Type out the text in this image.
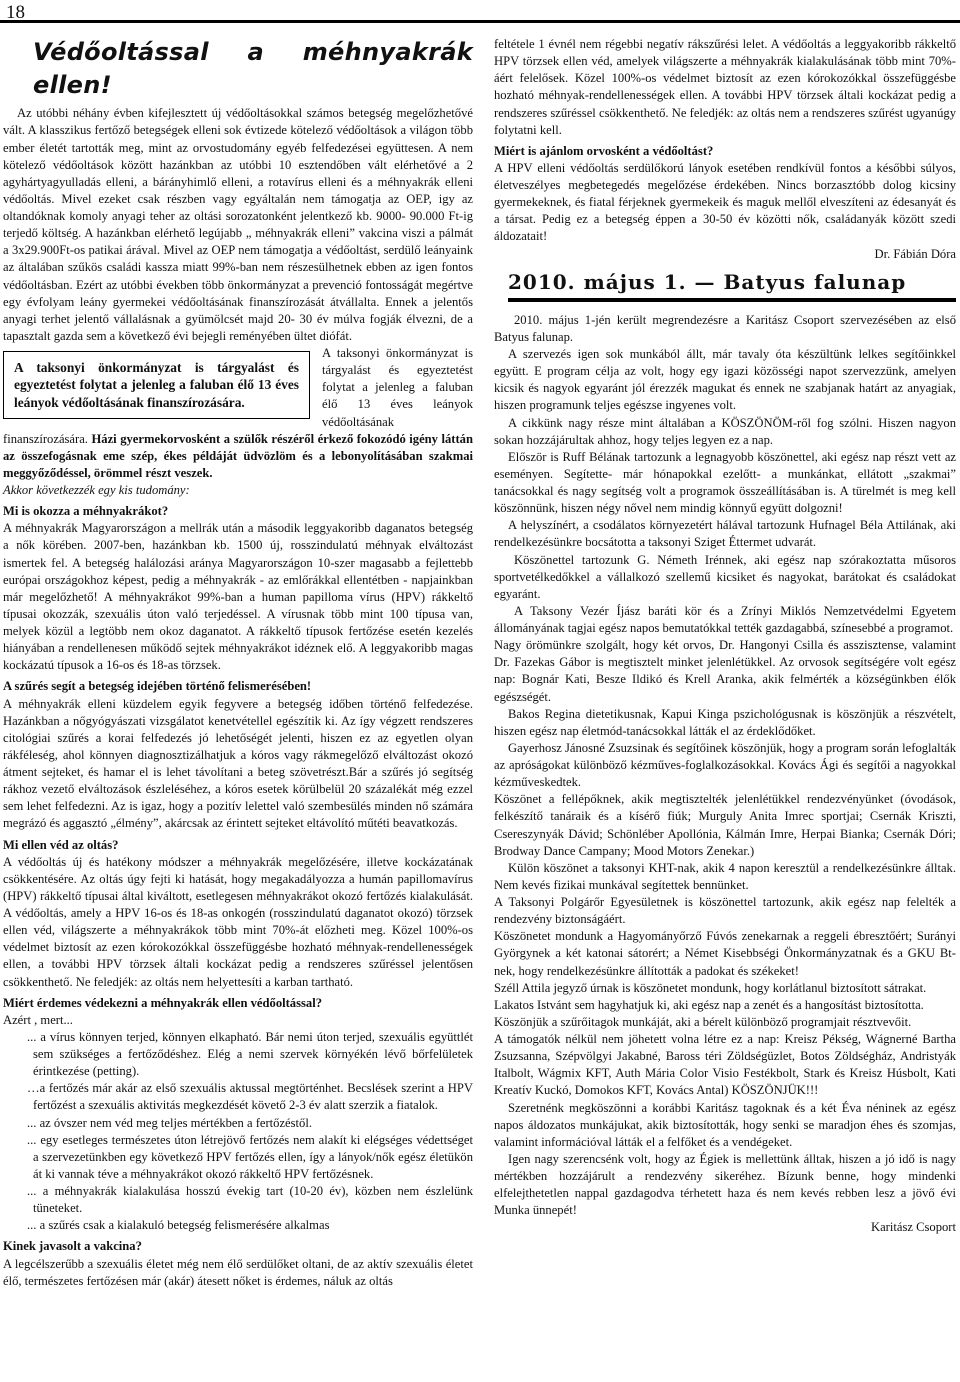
18
Védőoltással a méhnyakrák ellen!

Az utóbbi néhány évben kifejlesztett új védőoltásokkal számos betegség megelőzhetővé vált. A klasszikus fertőző betegségek elleni sok évtizede kötelező védőoltások a világon több ember életét tartották meg, mint az orvostudomány egyéb felfedezései együttesen. A nem kötelező védőoltások között hazánkban az utóbbi 10 esztendőben vált elérhetővé a 2 agyhártyagyulladás elleni, a bárányhimlő elleni, a rotavírus elleni és a méhnyakrák elleni védőoltás. Mivel ezeket csak részben vagy egyáltalán nem támogatja az OEP, igy az oltandóknak komoly anyagi teher az oltási sorozatonként jelentkező kb. 9000- 90.000 Ft-ig terjedő költség. A hazánkban elérhető legújabb „ méhnyakrák elleni” vakcina viszi a pálmát a 3x29.900Ft-os patikai árával. Mivel az OEP nem támogatja a védőoltást, serdülő leányaink az általában szűkös családi kassza miatt 99%-ban nem részesülhetnek ebben az igen fontos védőoltásban. Ezért az utóbbi években több önkormányzat a prevenció fontosságát megértve egy évfolyam leány gyermekei védőoltásának finanszírozását átvállalta. Ennek a jelentős anyagi terhet jelentő vállalásnak a gyümölcsét majd 20- 30 év múlva fogják élvezni, de a tapasztalt gazda sem a következő évi bejegli reményében ültet diófát.

A taksonyi önkormányzat is tárgyalást és egyeztetést folytat a jelenleg a faluban élő 13 éves leányok védőoltásának finanszírozására.

A taksonyi önkormányzat is tárgyalást és egyeztetést folytat a jelenleg a faluban élő 13 éves leányok védőoltásának finanszírozására. Házi gyermekorvosként a szülők részéről érkező fokozódó igény láttán az összefogásnak eme szép, ékes példáját üdvözlöm és a lebonyolításában szakmai meggyőződéssel, örömmel részt veszek.

Akkor következzék egy kis tudomány:

Mi is okozza a méhnyakrákot?

A méhnyakrák Magyarországon a mellrák után a második leggyakoribb daganatos betegség a nők körében. 2007-ben, hazánkban kb. 1500 új, rosszindulatú méhnyak elváltozást ismertek fel. A betegség halálozási aránya Magyarországon 10-szer magasabb a fejlettebb európai országokhoz képest, pedig a méhnyakrák - az emlőrákkal ellentétben - napjainkban már megelőzhető! A méhnyakrákot 99%-ban a human papilloma vírus (HPV) rákkeltő típusai okozzák, szexuális úton való terjedéssel. A vírusnak több mint 100 típusa van, melyek közül a legtöbb nem okoz daganatot. A rákkeltő típusok fertőzése esetén kezelés hiányában a rendellenesen működő sejtek méhnyakrákot idéznek elő. A leggyakoribb magas kockázatú típusok a 16-os és 18-as törzsek.

A szűrés segít a betegség idejében történő felismerésében!

A méhnyakrák elleni küzdelem egyik fegyvere a betegség időben történő felfedezése. Hazánkban a nőgyógyászati vizsgálatot kenetvétellel egészítik ki. Az így végzett rendszeres citológiai szűrés a korai felfedezés jó lehetőségét jelenti, hiszen ez az egyetlen olyan rákféleség, ahol könnyen diagnosztizálhatjuk a kóros vagy rákmegelőző elváltozást okozó átment sejteket, és hamar el is lehet távolítani a beteg szövetrészt.Bár a szűrés jó segítség rákhoz vezető elváltozások észleléséhez, a kóros esetek körülbelül 20 százalékát még ezzel sem lehet felfedezni. Az is igaz, hogy a pozitív lelettel való szembesülés minden nő számára megrázó és aggasztó „élmény”, akárcsak az érintett sejteket eltávolító műtéti beavatkozás.

Mi ellen véd az oltás?

A védőoltás új és hatékony módszer a méhnyakrák megelőzésére, illetve kockázatának csökkentésére. Az oltás úgy fejti ki hatását, hogy megakadályozza a humán papillomavírus (HPV) rákkeltő típusai által kiváltott, esetlegesen méhnyakrákot okozó fertőzés kialakulását. A védőoltás, amely a HPV 16-os és 18-as onkogén (rosszindulatú daganatot okozó) törzsek ellen véd, világszerte a méhnyakrákok több mint 70%-át előzheti meg. Közel 100%-os védelmet biztosít az ezen kórokozókkal összefüggésbe hozható méhnyak-rendellenességek ellen, a további HPV törzsek általi kockázat pedig a rendszeres szűréssel jelentősen csökkenthető. Ne feledjék: az oltás nem helyettesíti a karban tartható.

Miért érdemes védekezni a méhnyakrák ellen védőoltással?

Azért , mert...

... a vírus könnyen terjed, könnyen elkapható. Bár nemi úton terjed, szexuális együttlét sem szükséges a fertőződéshez. Elég a nemi szervek környékén lévő bőrfelületek érintkezése (petting).

…a fertőzés már akár az első szexuális aktussal megtörténhet. Becslések szerint a HPV fertőzést a szexuális aktivitás megkezdését követő 2-3 év alatt szerzik a fiatalok.

... az óvszer nem véd meg teljes mértékben a fertőzéstől.

... egy esetleges természetes úton létrejövő fertőzés nem alakít ki elégséges védettséget a szervezetünkben egy következő HPV fertőzés ellen, így a lányok/nők egész életükön át ki vannak téve a méhnyakrákot okozó rákkeltő HPV fertőzésnek.

... a méhnyakrák kialakulása hosszú évekig tart (10-20 év), közben nem észlelünk tüneteket.

... a szűrés csak a kialakuló betegség felismerésére alkalmas

Kinek javasolt a vakcina?

A legcélszerűbb a szexuális életet még nem élő serdülőket oltani, de az aktív szexuális életet élő, természetes fertőzésen már (akár) átesett nőket is érdemes, náluk az oltás

feltétele 1 évnél nem régebbi negatív rákszűrési lelet. A védőoltás a leggyakoribb rákkeltő HPV törzsek ellen véd, amelyek világszerte a méhnyakrák kialakulásának több mint 70%-áért felelősek. Közel 100%-os védelmet biztosít az ezen kórokozókkal összefüggésbe hozható méhnyak-rendellenességek ellen. A további HPV törzsek általi kockázat pedig a rendszeres szűréssel csökkenthető. Ne feledjék: az oltás nem a rendszeres szűrést ugyanúgy folytatni kell.

Miért is ajánlom orvosként a védőoltást?

A HPV elleni védőoltás serdülőkorú lányok esetében rendkívül fontos a későbbi súlyos, életveszélyes megbetegedés megelőzése érdekében. Nincs borzasztóbb dolog kicsiny gyermekeknek, és fiatal férjeknek gyermekeik és maguk mellől elveszíteni az édesanyát és a társat. Pedig ez a betegség éppen a 30-50 év közötti nők, családanyák között szedi áldozatait!

Dr. Fábián Dóra

2010. május 1. — Batyus falunap

2010. május 1-jén került megrendezésre a Karitász Csoport szervezésében az első Batyus falunap.

A szervezés igen sok munkából állt, már tavaly óta készültünk lelkes segítőinkkel együtt. E program célja az volt, hogy egy igazi közösségi napot szervezzünk, amelyen kicsik és nagyok egyaránt jól érezzék magukat és ennek ne szabjanak határt az anyagiak, hiszen programunk teljes egészse ingyenes volt.

A cikkünk nagy része mint általában a KÖSZÖNÖM-ről fog szólni. Hiszen nagyon sokan hozzájárultak ahhoz, hogy teljes legyen ez a nap.

Először is Ruff Bélának tartozunk a legnagyobb köszönettel, aki egész nap részt vett az eseményen. Segítette- már hónapokkal ezelőtt- a munkánkat, ellátott „szakmai” tanácsokkal és nagy segítség volt a programok összeállításában is. A türelmét is meg kell köszönnünk, hiszen négy nővel nem mindig könnyű együtt dolgozni!

A helyszínért, a csodálatos környezetért hálával tartozunk Hufnagel Béla Attilának, aki rendelkezésünkre bocsátotta a taksonyi Sziget Éttermet udvarát.

Köszönettel tartozunk G. Németh Irénnek, aki egész nap szórakoztatta műsoros sportvetélkedőkkel a vállalkozó szellemű kicsiket és nagyokat, barátokat és családokat egyaránt.

A Taksony Vezér Íjász baráti kör és a Zrínyi Miklós Nemzetvédelmi Egyetem állományának tagjai egész napos bemutatókkal tették gazdagabbá, színesebbé a programot.

Nagy örömünkre szolgált, hogy két orvos, Dr. Hangonyi Csilla és asszisztense, valamint Dr. Fazekas Gábor is megtisztelt minket jelenlétükkel. Az orvosok segítségére volt egész nap: Bognár Kati, Besze Ildikó és Krell Aranka, akik felmérték a községünkben élők egészségét.

Bakos Regina dietetikusnak, Kapui Kinga pszichológusnak is köszönjük a részvételt, hiszen egész nap életmód-tanácsokkal látták el az érdeklődőket.

Gayerhosz Jánosné Zsuzsinak és segítőinek köszönjük, hogy a program során lefoglalták az apróságokat különböző kézműves-foglalkozásokkal. Kovács Ági és segítői a nagyokkal kézműveskedtek.

Köszönet a fellépőknek, akik megtisztelték jelenlétükkel rendezvényünket (óvodások, felkészítő tanáraik és a kísérő fiúk; Murguly Anita Imrec sportjai; Csernák Kriszti, Csereszynyák Dávid; Schönléber Apollónia, Kálmán Imre, Herpai Bianka; Csernák Dóri; Brodway Dance Campany; Mood Motors Zenekar.)

Külön köszönet a taksonyi KHT-nak, akik 4 napon keresztül a rendelkezésünkre álltak. Nem kevés fizikai munkával segítettek bennünket.

A Taksonyi Polgárőr Egyesületnek is köszönettel tartozunk, akik egész nap felelték a rendezvény biztonságáért.

Köszönetet mondunk a Hagyományőrző Fúvós zenekarnak a reggeli ébresztőért; Surányi Györgynek a két katonai sátorért; a Német Kisebbségi Önkormányzatnak és a GKU Bt-nek, hogy rendelkezésünkre állították a padokat és székeket!

Széll Attila jegyző úrnak is köszönetet mondunk, hogy korlátlanul biztosított sátrakat.

Lakatos Istvánt sem hagyhatjuk ki, aki egész nap a zenét és a hangosítást biztosította.

Köszönjük a szűrőitagok munkáját, aki a bérelt különböző programjait résztvevőit.

A támogatók nélkül nem jöhetett volna létre ez a nap: Kreisz Pékség, Wágnerné Bartha Zsuzsanna, Szépvölgyi Jakabné, Baross téri Zöldségüzlet, Botos Zöldségház, Andristyák Italbolt, Wágmix KFT, Auth Mária Color Visio Festékbolt, Stark és Kreisz Húsbolt, Kati Kreatív Kuckó, Domokos KFT, Kovács Antal) KÖSZÖNJÜK!!!

Szeretnénk megköszönni a korábbi Karitász tagoknak és a két Éva néninek az egész napos áldozatos munkájukat, akik biztosították, hogy senki se maradjon éhes és szomjas, valamint információval látták el a felfőket és a vendégeket.

Igen nagy szerencsénk volt, hogy az Égiek is mellettünk álltak, hiszen a jó idő is nagy mértékben hozzájárult a rendezvény sikeréhez. Bízunk benne, hogy mindenki elfelejthetetlen nappal gazdagodva térhetett haza és nem kevés rebben lesz a jövő évi Munka ünnepét!

Karitász Csoport
